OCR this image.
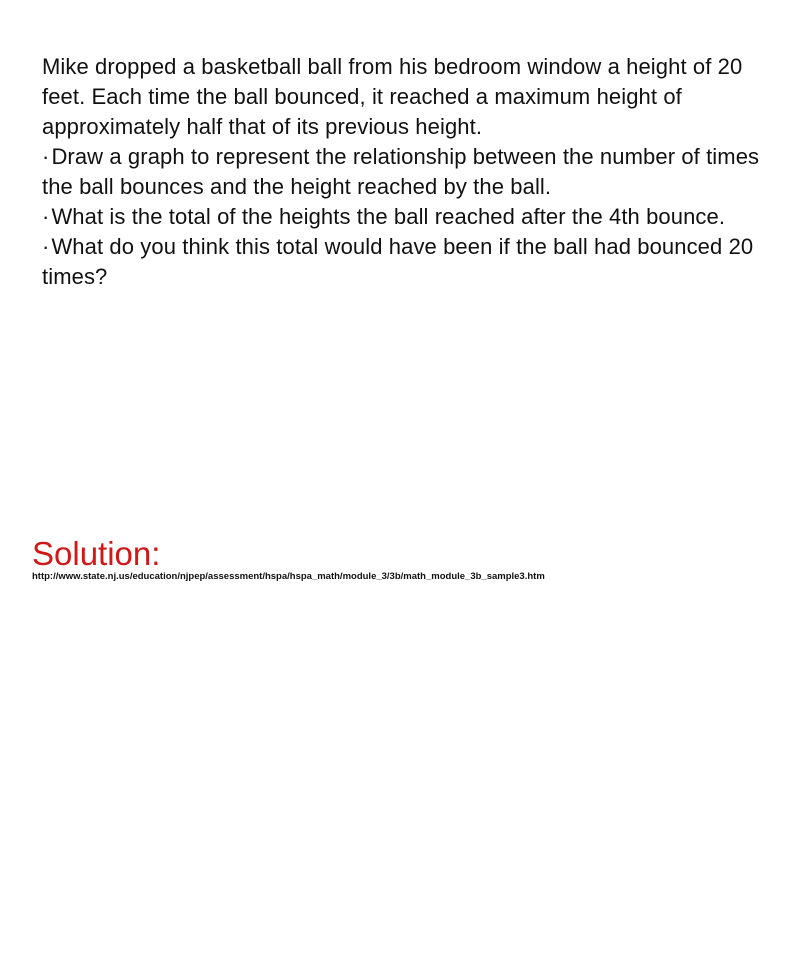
Mike dropped a basketball ball from his bedroom window a height of 20 feet. Each time the ball bounced, it reached a maximum height of approximately half that of its previous height.

·Draw a graph to represent the relationship between the number of times the ball bounces and the height reached by the ball.

·What is the total of the heights the ball reached after the 4th bounce.

·What do you think this total would have been if the ball had bounced 20 times?

Solution:
http://www.state.nj.us/education/njpep/assessment/hspa/hspa_math/module_3/3b/math_module_3b_sample3.htm
